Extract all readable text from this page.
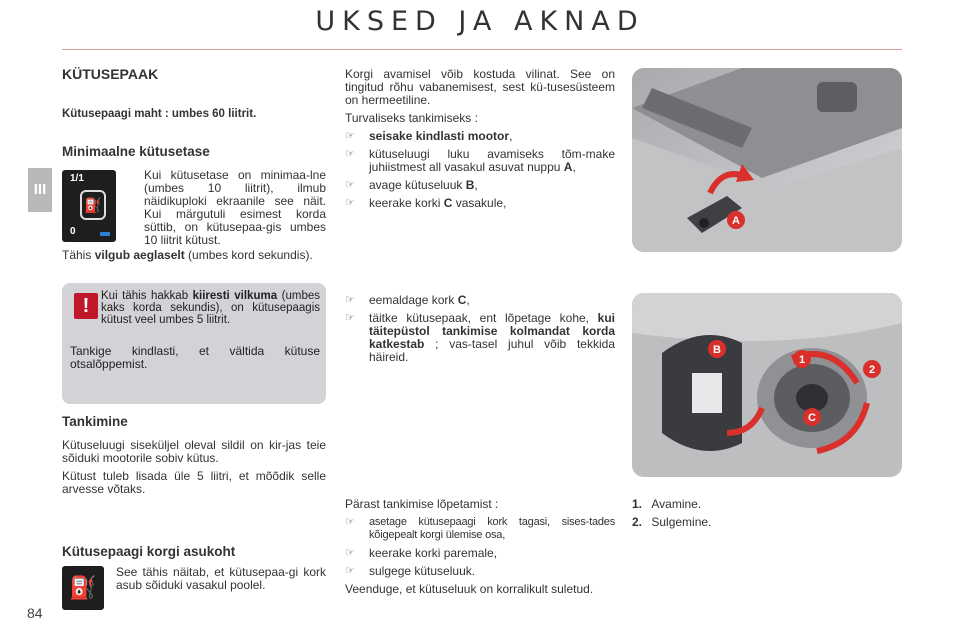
UKSED JA AKNAD
III
84
KÜTUSEPAAK
Kütusepaagi maht : umbes 60 liitrit.
Minimaalne kütusetase
1/1
⛽
0
Kui kütusetase on minimaa-lne (umbes 10 liitrit), ilmub näidikuploki ekraanile see näit. Kui märgutuli esimest korda süttib, on kütusepaa-gis umbes 10 liitrit kütust.
Tähis vilgub aeglaselt (umbes kord sekundis).
!	Kui tähis hakkab kiiresti vilkuma (umbes kaks korda sekundis), on kütusepaagis kütust veel umbes 5 liitrit.
Tankige kindlasti, et vältida kütuse otsalõppemist.
Tankimine

Kütuseluugi siseküljel oleval sildil on kir-jas teie sõiduki mootorile sobiv kütus.

Kütust tuleb lisada üle 5 liitri, et mõõdik selle arvesse võtaks.

Kütusepaagi korgi asukoht
⛽
See tähis näitab, et kütusepaa-gi kork asub sõiduki vasakul poolel.

Korgi avamisel võib kostuda vilinat. See on tingitud rõhu vabanemisest, sest kü-tusesüsteem on hermeetiline.

Turvaliseks tankimiseks :

☞ seisake kindlasti mootor,
☞ kütuseluugi luku avamiseks tõm-make juhiistmest all vasakul asuvat nuppu A,
☞ avage kütuseluuk B,
☞ keerake korki C vasakule,
☞ eemaldage kork C,
☞ täitke kütusepaak, ent lõpetage kohe, kui täitepüstol tankimise kolmandat korda katkestab ; vas-tasel juhul võib tekkida häireid.

Pärast tankimise lõpetamist :

☞ asetage kütusepaagi kork tagasi, sises-tades kõigepealt korgi ülemise osa,
☞ keerake korki paremale,
☞ sulgege kütuseluuk.

Veenduge, et kütuseluuk on korralikult suletud.

A
B
1
2
C
1. Avamine.
2. Sulgemine.
